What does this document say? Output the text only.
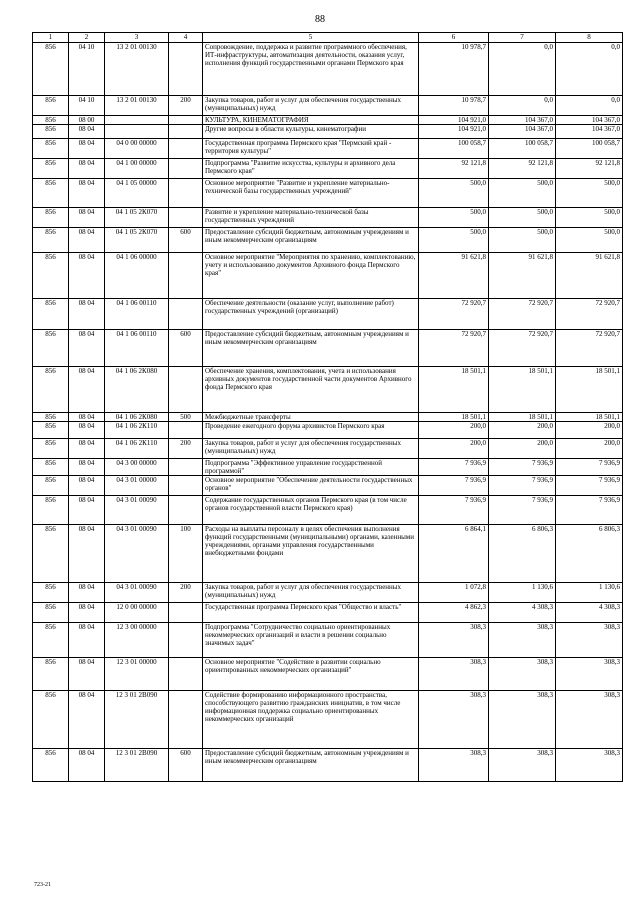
88
1	2	3	4	5	6	7	8
856	04 10	13 2 01 00130		Сопровождение, поддержка и развитие программного обеспечения, ИТ-инфраструктуры, автоматизация деятельности, оказания услуг, исполнения функций государственными органами Пермского края	10 978,7	0,0	0,0
856	04 10	13 2 01 00130	200	Закупка товаров, работ и услуг для обеспечения государственных (муниципальных) нужд	10 978,7	0,0	0,0
856	08 00			КУЛЬТУРА, КИНЕМАТОГРАФИЯ	104 921,0	104 367,0	104 367,0
856	08 04			Другие вопросы в области культуры, кинематографии	104 921,0	104 367,0	104 367,0
856	08 04	04 0 00 00000		Государственная программа Пермского края "Пермский край - территория культуры"	100 058,7	100 058,7	100 058,7
856	08 04	04 1 00 00000		Подпрограмма "Развитие искусства, культуры и архивного дела Пермского края"	92 121,8	92 121,8	92 121,8
856	08 04	04 1 05 00000		Основное мероприятие "Развитие и укрепление материально-технической базы государственных учреждений"	500,0	500,0	500,0
856	08 04	04 1 05 2К070		Развитие и укрепление материально-технической базы государственных учреждений	500,0	500,0	500,0
856	08 04	04 1 05 2К070	600	Предоставление субсидий бюджетным, автономным учреждениям и иным некоммерческим организациям	500,0	500,0	500,0
856	08 04	04 1 06 00000		Основное мероприятие "Мероприятия по хранению, комплектованию, учету и использованию документов Архивного фонда Пермского края"	91 621,8	91 621,8	91 621,8
856	08 04	04 1 06 00110		Обеспечение деятельности (оказание услуг, выполнение работ) государственных учреждений (организаций)	72 920,7	72 920,7	72 920,7
856	08 04	04 1 06 00110	600	Предоставление субсидий бюджетным, автономным учреждениям и иным некоммерческим организациям	72 920,7	72 920,7	72 920,7
856	08 04	04 1 06 2К080		Обеспечение хранения, комплектования, учета и использования архивных документов государственной части документов Архивного фонда Пермского края	18 501,1	18 501,1	18 501,1
856	08 04	04 1 06 2К080	500	Межбюджетные трансферты	18 501,1	18 501,1	18 501,1
856	08 04	04 1 06 2К110		Проведение ежегодного форума архивистов Пермского края	200,0	200,0	200,0
856	08 04	04 1 06 2К110	200	Закупка товаров, работ и услуг для обеспечения государственных (муниципальных) нужд	200,0	200,0	200,0
856	08 04	04 3 00 00000		Подпрограмма "Эффективное управление государственной программой"	7 936,9	7 936,9	7 936,9
856	08 04	04 3 01 00000		Основное мероприятие "Обеспечение деятельности государственных органов"	7 936,9	7 936,9	7 936,9
856	08 04	04 3 01 00090		Содержание государственных органов Пермского края (в том числе органов государственной власти Пермского края)	7 936,9	7 936,9	7 936,9
856	08 04	04 3 01 00090	100	Расходы на выплаты персоналу в целях обеспечения выполнения функций государственными (муниципальными) органами, казенными учреждениями, органами управления государственными внебюджетными фондами	6 864,1	6 806,3	6 806,3
856	08 04	04 3 01 00090	200	Закупка товаров, работ и услуг для обеспечения государственных (муниципальных) нужд	1 072,8	1 130,6	1 130,6
856	08 04	12 0 00 00000		Государственная программа Пермского края "Общество и власть"	4 862,3	4 308,3	4 308,3
856	08 04	12 3 00 00000		Подпрограмма "Сотрудничество социально ориентированных некоммерческих организаций и власти в решении социально значимых задач"	308,3	308,3	308,3
856	08 04	12 3 01 00000		Основное мероприятие "Содействие в развитии социально ориентированных некоммерческих организаций"	308,3	308,3	308,3
856	08 04	12 3 01 2В090		Содействие формированию информационного пространства, способствующего развитию гражданских инициатив, в том числе информационная поддержка социально ориентированных некоммерческих организаций	308,3	308,3	308,3
856	08 04	12 3 01 2В090	600	Предоставление субсидий бюджетным, автономным учреждениям и иным некоммерческим организациям	308,3	308,3	308,3
723-21
